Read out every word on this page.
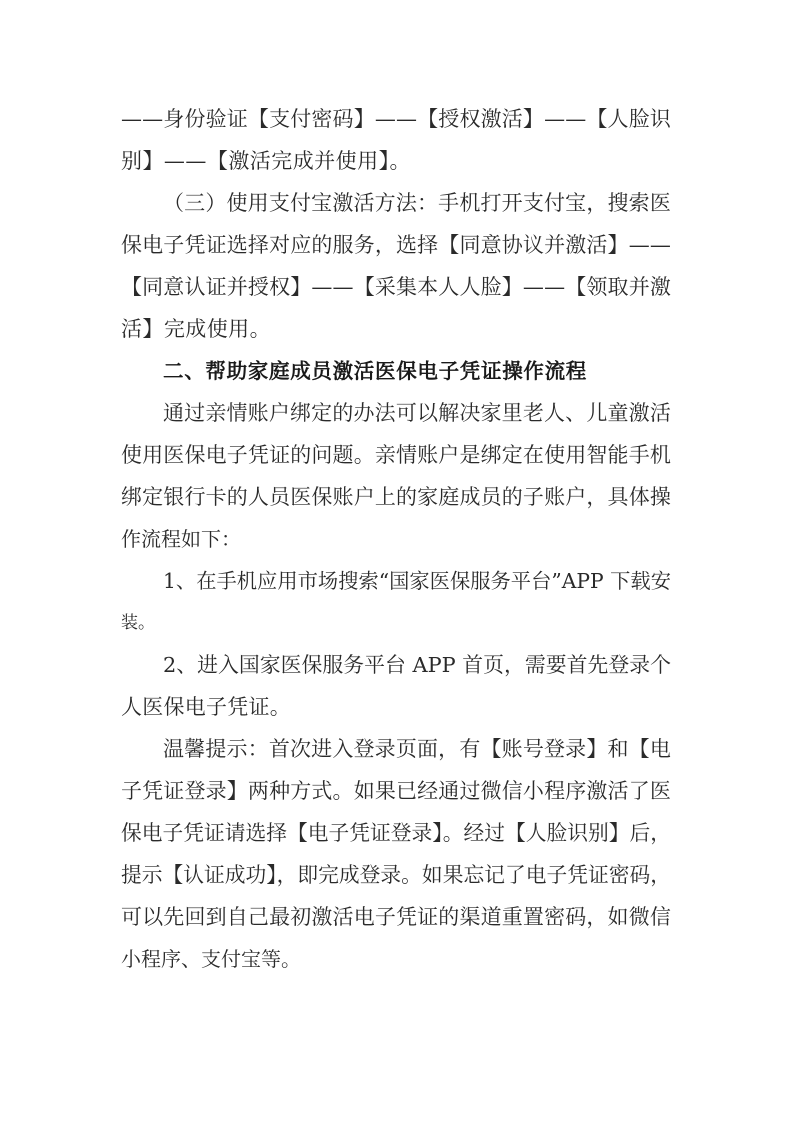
——身份验证【支付密码】——【授权激活】——【人脸识
别】——【激活完成并使用】。
（三）使用支付宝激活方法：手机打开支付宝，搜索医
保电子凭证选择对应的服务，选择【同意协议并激活】——
【同意认证并授权】——【采集本人人脸】——【领取并激
活】完成使用。
二、帮助家庭成员激活医保电子凭证操作流程
通过亲情账户绑定的办法可以解决家里老人、儿童激活
使用医保电子凭证的问题。亲情账户是绑定在使用智能手机
绑定银行卡的人员医保账户上的家庭成员的子账户，具体操
作流程如下：
1、在手机应用市场搜索“国家医保服务平台”APP 下载安
装。
2、进入国家医保服务平台 APP 首页，需要首先登录个
人医保电子凭证。
温馨提示：首次进入登录页面，有【账号登录】和【电
子凭证登录】两种方式。如果已经通过微信小程序激活了医
保电子凭证请选择【电子凭证登录】。经过【人脸识别】后，
提示【认证成功】，即完成登录。如果忘记了电子凭证密码，
可以先回到自己最初激活电子凭证的渠道重置密码，如微信
小程序、支付宝等。
